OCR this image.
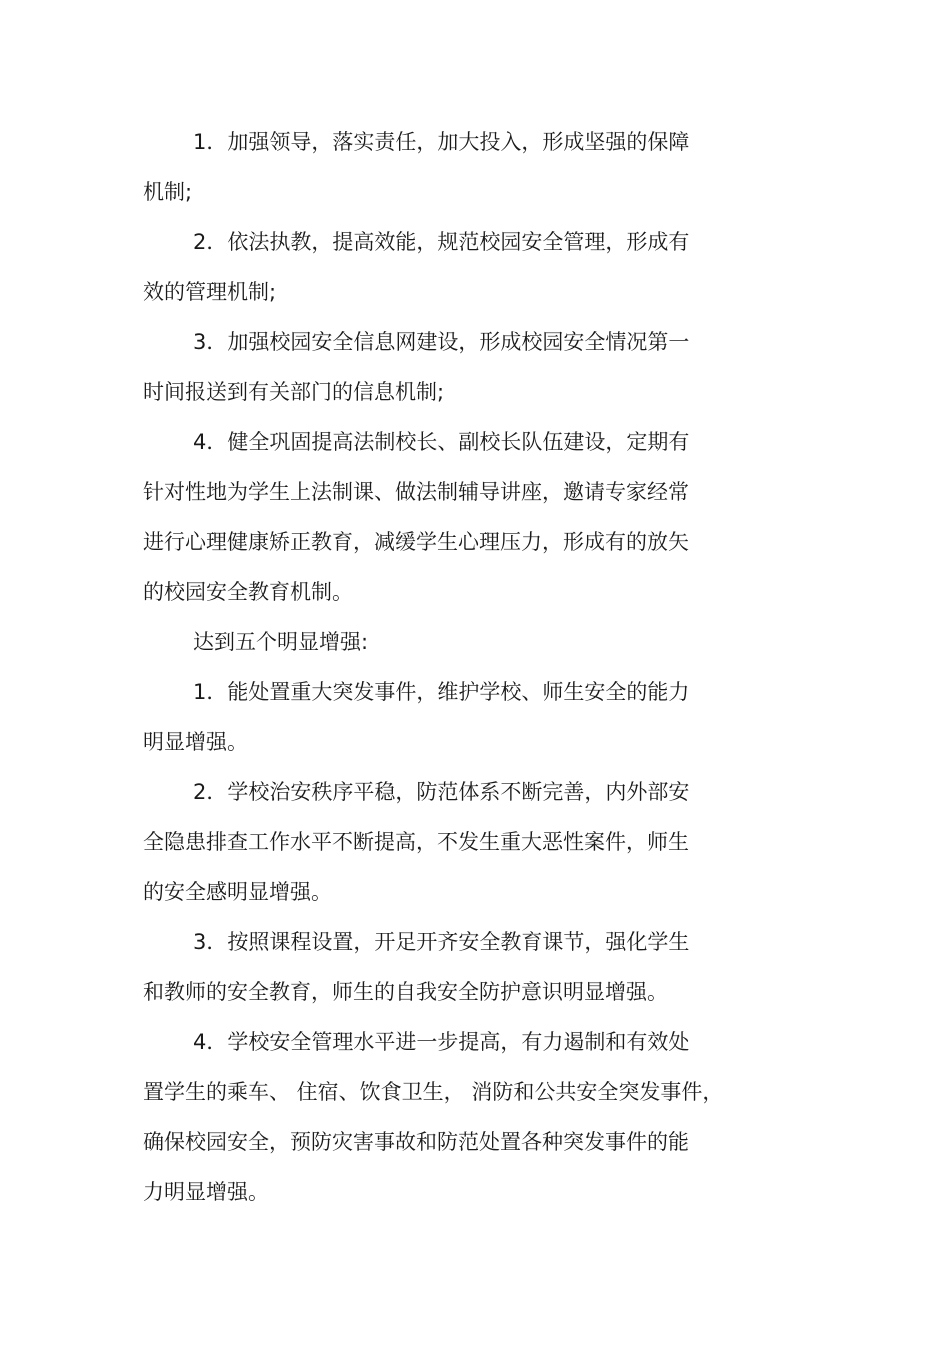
1．加强领导，落实责任，加大投入，形成坚强的保障
机制;
2．依法执教，提高效能，规范校园安全管理，形成有
效的管理机制;
3．加强校园安全信息网建设，形成校园安全情况第一
时间报送到有关部门的信息机制;
4．健全巩固提高法制校长、副校长队伍建设，定期有
针对性地为学生上法制课、做法制辅导讲座，邀请专家经常
进行心理健康矫正教育，减缓学生心理压力，形成有的放矢
的校园安全教育机制。
达到五个明显增强:
1．能处置重大突发事件，维护学校、师生安全的能力
明显增强。
2．学校治安秩序平稳，防范体系不断完善，内外部安
全隐患排查工作水平不断提高，不发生重大恶性案件，师生
的安全感明显增强。
3．按照课程设置，开足开齐安全教育课节，强化学生
和教师的安全教育，师生的自我安全防护意识明显增强。
4．学校安全管理水平进一步提高，有力遏制和有效处
置学生的乘车、 住宿、饮食卫生， 消防和公共安全突发事件，
确保校园安全，预防灾害事故和防范处置各种突发事件的能
力明显增强。
